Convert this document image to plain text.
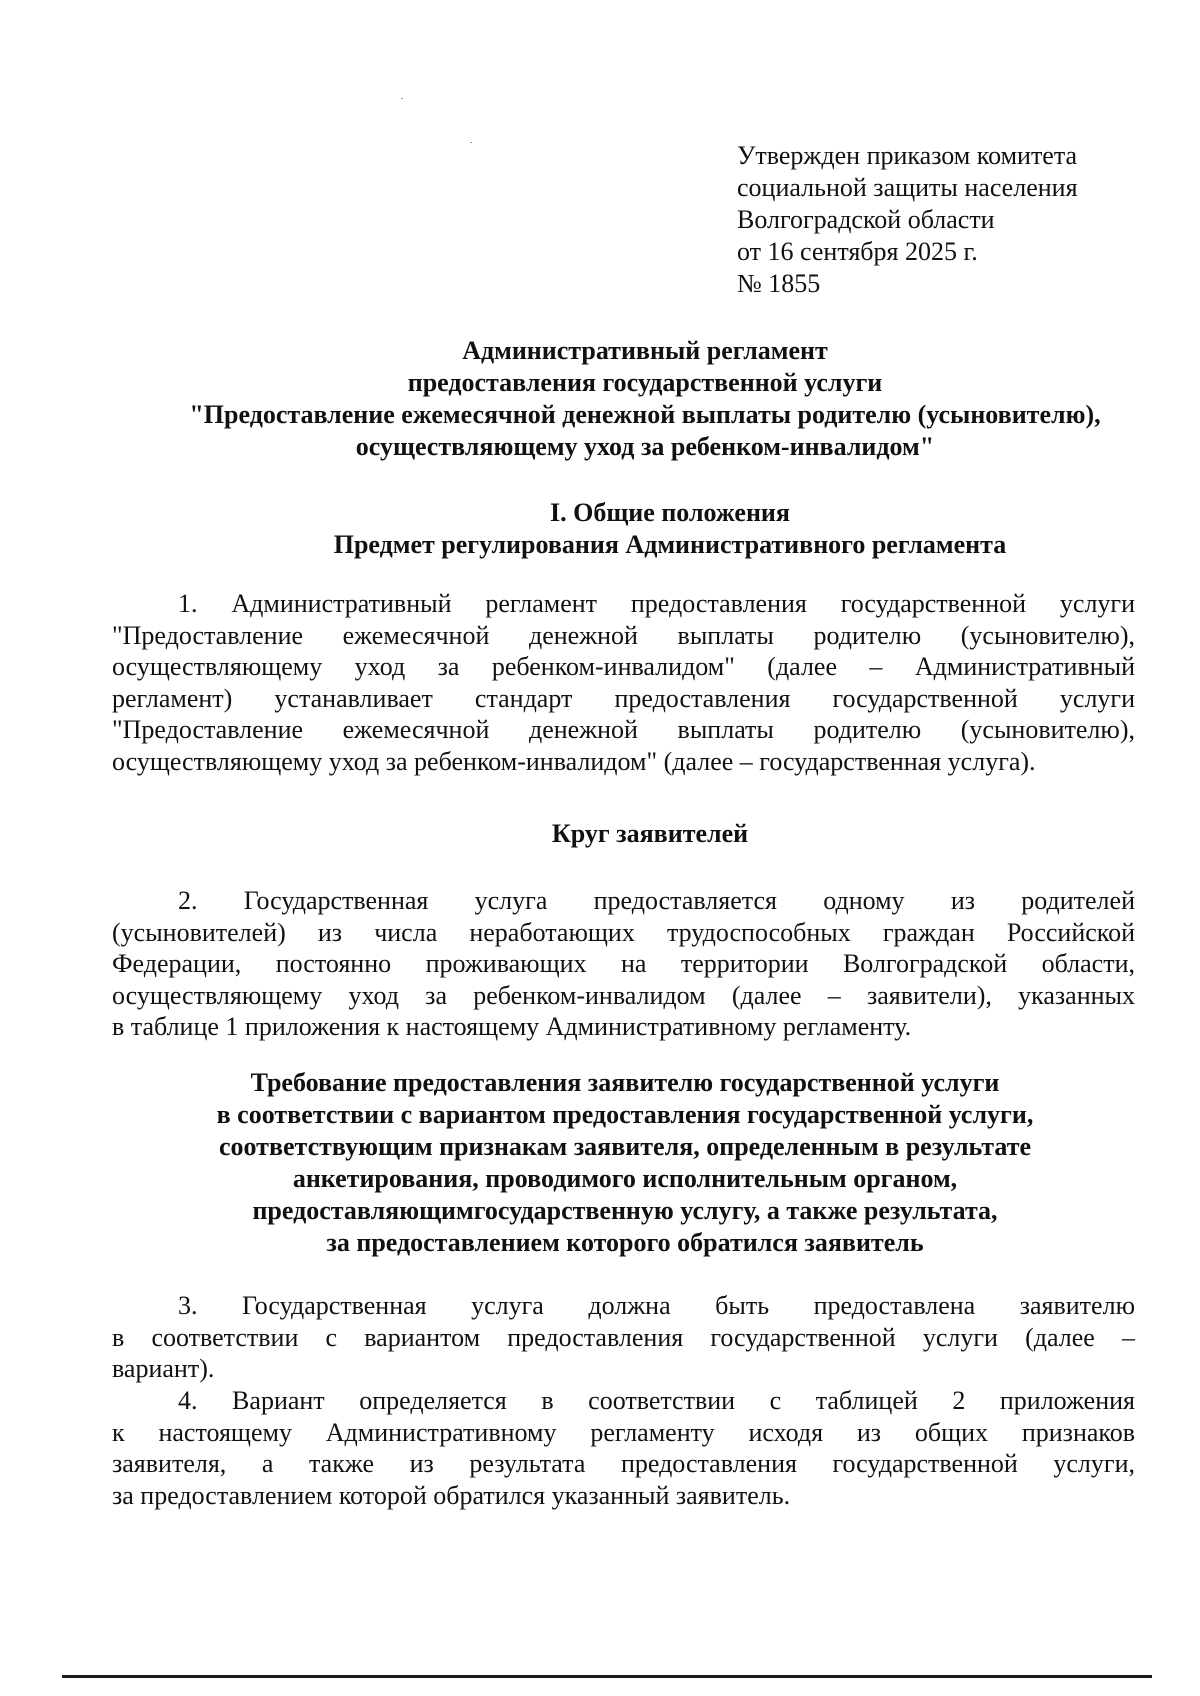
Утвержден приказом комитета
социальной защиты населения
Волгоградской области
от 16 сентября 2025 г.
№ 1855
Административный регламент
предоставления государственной услуги
"Предоставление ежемесячной денежной выплаты родителю (усыновителю),
осуществляющему уход за ребенком-инвалидом"
I. Общие положения
Предмет регулирования Административного регламента
1. Административный регламент предоставления государственной услуги
"Предоставление ежемесячной денежной выплаты родителю (усыновителю),
осуществляющему уход за ребенком-инвалидом" (далее – Административный
регламент) устанавливает стандарт предоставления государственной услуги
"Предоставление ежемесячной денежной выплаты родителю (усыновителю),
осуществляющему уход за ребенком-инвалидом" (далее – государственная услуга).
Круг заявителей
2. Государственная услуга предоставляется одному из родителей
(усыновителей) из числа неработающих трудоспособных граждан Российской
Федерации, постоянно проживающих на территории Волгоградской области,
осуществляющему уход за ребенком-инвалидом (далее – заявители), указанных
в таблице 1 приложения к настоящему Административному регламенту.
Требование предоставления заявителю государственной услуги
в соответствии с вариантом предоставления государственной услуги,
соответствующим признакам заявителя, определенным в результате
анкетирования, проводимого исполнительным органом,
предоставляющимгосударственную услугу, а также результата,
за предоставлением которого обратился заявитель
3. Государственная услуга должна быть предоставлена заявителю
в соответствии с вариантом предоставления государственной услуги (далее –
вариант).
4. Вариант определяется в соответствии с таблицей 2 приложения
к настоящему Административному регламенту исходя из общих признаков
заявителя, а также из результата предоставления государственной услуги,
за предоставлением которой обратился указанный заявитель.
